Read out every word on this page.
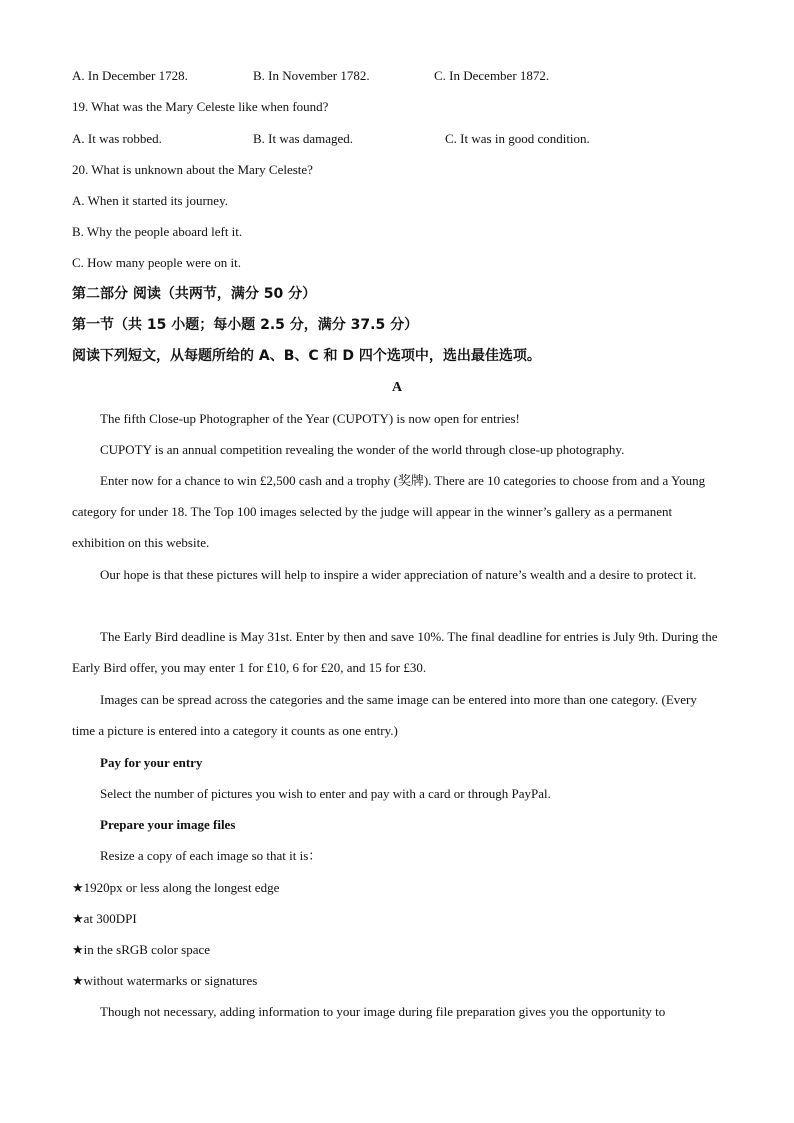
A. In December 1728.	B. In November 1782.	C. In December 1872.
19. What was the Mary Celeste like when found?
A. It was robbed.	B. It was damaged.	C. It was in good condition.
20. What is unknown about the Mary Celeste?
A. When it started its journey.
B. Why the people aboard left it.
C. How many people were on it.
第二部分 阅读（共两节，满分 50 分）
第一节（共 15 小题；每小题 2.5 分，满分 37.5 分）
阅读下列短文，从每题所给的 A、B、C 和 D 四个选项中，选出最佳选项。
A
The fifth Close-up Photographer of the Year (CUPOTY) is now open for entries!
CUPOTY is an annual competition revealing the wonder of the world through close-up photography.
Enter now for a chance to win £2,500 cash and a trophy (奖牌). There are 10 categories to choose from and a Young category for under 18. The Top 100 images selected by the judge will appear in the winner’s gallery as a permanent exhibition on this website.
Our hope is that these pictures will help to inspire a wider appreciation of nature’s wealth and a desire to protect it.
The Early Bird deadline is May 31st. Enter by then and save 10%. The final deadline for entries is July 9th. During the Early Bird offer, you may enter 1 for £10, 6 for £20, and 15 for £30.
Images can be spread across the categories and the same image can be entered into more than one category. (Every time a picture is entered into a category it counts as one entry.)
Pay for your entry
Select the number of pictures you wish to enter and pay with a card or through PayPal.
Prepare your image files
Resize a copy of each image so that it is：
★1920px or less along the longest edge
★at 300DPI
★in the sRGB color space
★without watermarks or signatures
Though not necessary, adding information to your image during file preparation gives you the opportunity to
